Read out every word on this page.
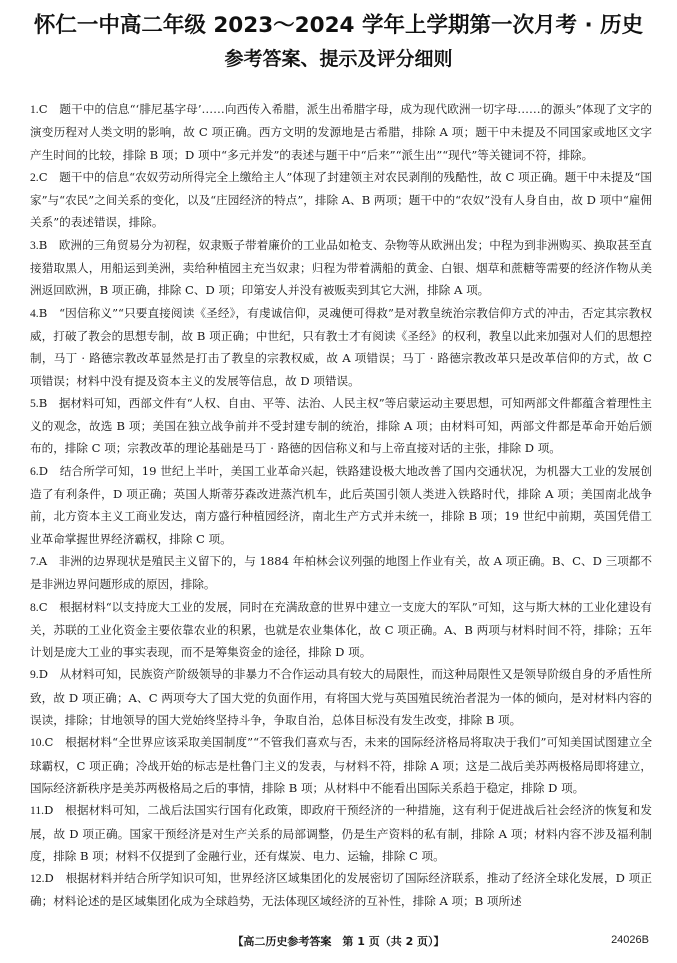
怀仁一中高二年级 2023～2024 学年上学期第一次月考 · 历史
参考答案、提示及评分细则

1.C　 题干中的信息“‘腓尼基字母’……向西传入希腊，派生出希腊字母，成为现代欧洲一切字母……的源头”体现了文字的演变历程对人类文明的影响，故 C 项正确。西方文明的发源地是古希腊，排除 A 项；题干中未提及不同国家或地区文字产生时间的比较，排除 B 项；D 项中“多元并发”的表述与题干中“后来”“派生出”“现代”等关键词不符，排除。

2.C　 题干中的信息“农奴劳动所得完全上缴给主人”体现了封建领主对农民剥削的残酷性，故 C 项正确。题干中未提及“国家”与“农民”之间关系的变化，以及“庄园经济的特点”，排除 A、B 两项；题干中的“农奴”没有人身自由，故 D 项中“雇佣关系”的表述错误，排除。

3.B　 欧洲的三角贸易分为初程，奴隶贩子带着廉价的工业品如枪支、杂物等从欧洲出发；中程为到非洲购买、换取甚至直接猎取黑人，用船运到美洲，卖给种植园主充当奴隶；归程为带着满船的黄金、白银、烟草和蔗糖等需要的经济作物从美洲返回欧洲，B 项正确，排除 C、D 项；印第安人并没有被贩卖到其它大洲，排除 A 项。

4.B　 “因信称义”“只要直接阅读《圣经》，有虔诚信仰，灵魂便可得救”是对教皇统治宗教信仰方式的冲击，否定其宗教权威，打破了教会的思想专制，故 B 项正确；中世纪，只有教士才有阅读《圣经》的权利，教皇以此来加强对人们的思想控制，马丁 · 路德宗教改革显然是打击了教皇的宗教权威，故 A 项错误；马丁 · 路德宗教改革只是改革信仰的方式，故 C 项错误；材料中没有提及资本主义的发展等信息，故 D 项错误。

5.B　 据材料可知，西部文件有“人权、自由、平等、法治、人民主权”等启蒙运动主要思想，可知两部文件都蕴含着理性主义的观念，故选 B 项；美国在独立战争前并不受封建专制的统治，排除 A 项；由材料可知，两部文件都是革命开始后颁布的，排除 C 项；宗教改革的理论基础是马丁 · 路德的因信称义和与上帝直接对话的主张，排除 D 项。

6.D　 结合所学可知，19 世纪上半叶，美国工业革命兴起，铁路建设极大地改善了国内交通状况，为机器大工业的发展创造了有利条件，D 项正确；英国人斯蒂芬森改进蒸汽机车，此后英国引领人类进入铁路时代，排除 A 项；美国南北战争前，北方资本主义工商业发达，南方盛行种植园经济，南北生产方式并未统一，排除 B 项；19 世纪中前期，英国凭借工业革命掌握世界经济霸权，排除 C 项。

7.A　 非洲的边界现状是殖民主义留下的，与 1884 年柏林会议列强的地图上作业有关，故 A 项正确。B、C、D 三项都不是非洲边界问题形成的原因，排除。

8.C　 根据材料“以支持庞大工业的发展，同时在充满敌意的世界中建立一支庞大的军队”可知，这与斯大林的工业化建设有关，苏联的工业化资金主要依靠农业的积累，也就是农业集体化，故 C 项正确。A、B 两项与材料时间不符，排除；五年计划是庞大工业的事实表现，而不是筹集资金的途径，排除 D 项。

9.D　 从材料可知，民族资产阶级领导的非暴力不合作运动具有较大的局限性，而这种局限性又是领导阶级自身的矛盾性所致，故 D 项正确；A、C 两项夸大了国大党的负面作用，有将国大党与英国殖民统治者混为一体的倾向，是对材料内容的误读，排除；甘地领导的国大党始终坚持斗争，争取自治，总体目标没有发生改变，排除 B 项。

10.C　 根据材料“全世界应该采取美国制度”“不管我们喜欢与否，未来的国际经济格局将取决于我们”可知美国试图建立全球霸权，C 项正确；冷战开始的标志是杜鲁门主义的发表，与材料不符，排除 A 项；这是二战后美苏两极格局即将建立，国际经济新秩序是美苏两极格局之后的事情，排除 B 项；从材料中不能看出国际关系趋于稳定，排除 D 项。

11.D　 根据材料可知，二战后法国实行国有化政策，即政府干预经济的一种措施，这有利于促进战后社会经济的恢复和发展，故 D 项正确。国家干预经济是对生产关系的局部调整，仍是生产资料的私有制，排除 A 项；材料内容不涉及福利制度，排除 B 项；材料不仅提到了金融行业，还有煤炭、电力、运输，排除 C 项。

12.D　 根据材料并结合所学知识可知，世界经济区域集团化的发展密切了国际经济联系，推动了经济全球化发展，D 项正确；材料论述的是区域集团化成为全球趋势，无法体现区域经济的互补性，排除 A 项；B 项所述

【高二历史参考答案　第 1 页（共 2 页）】	24026B
